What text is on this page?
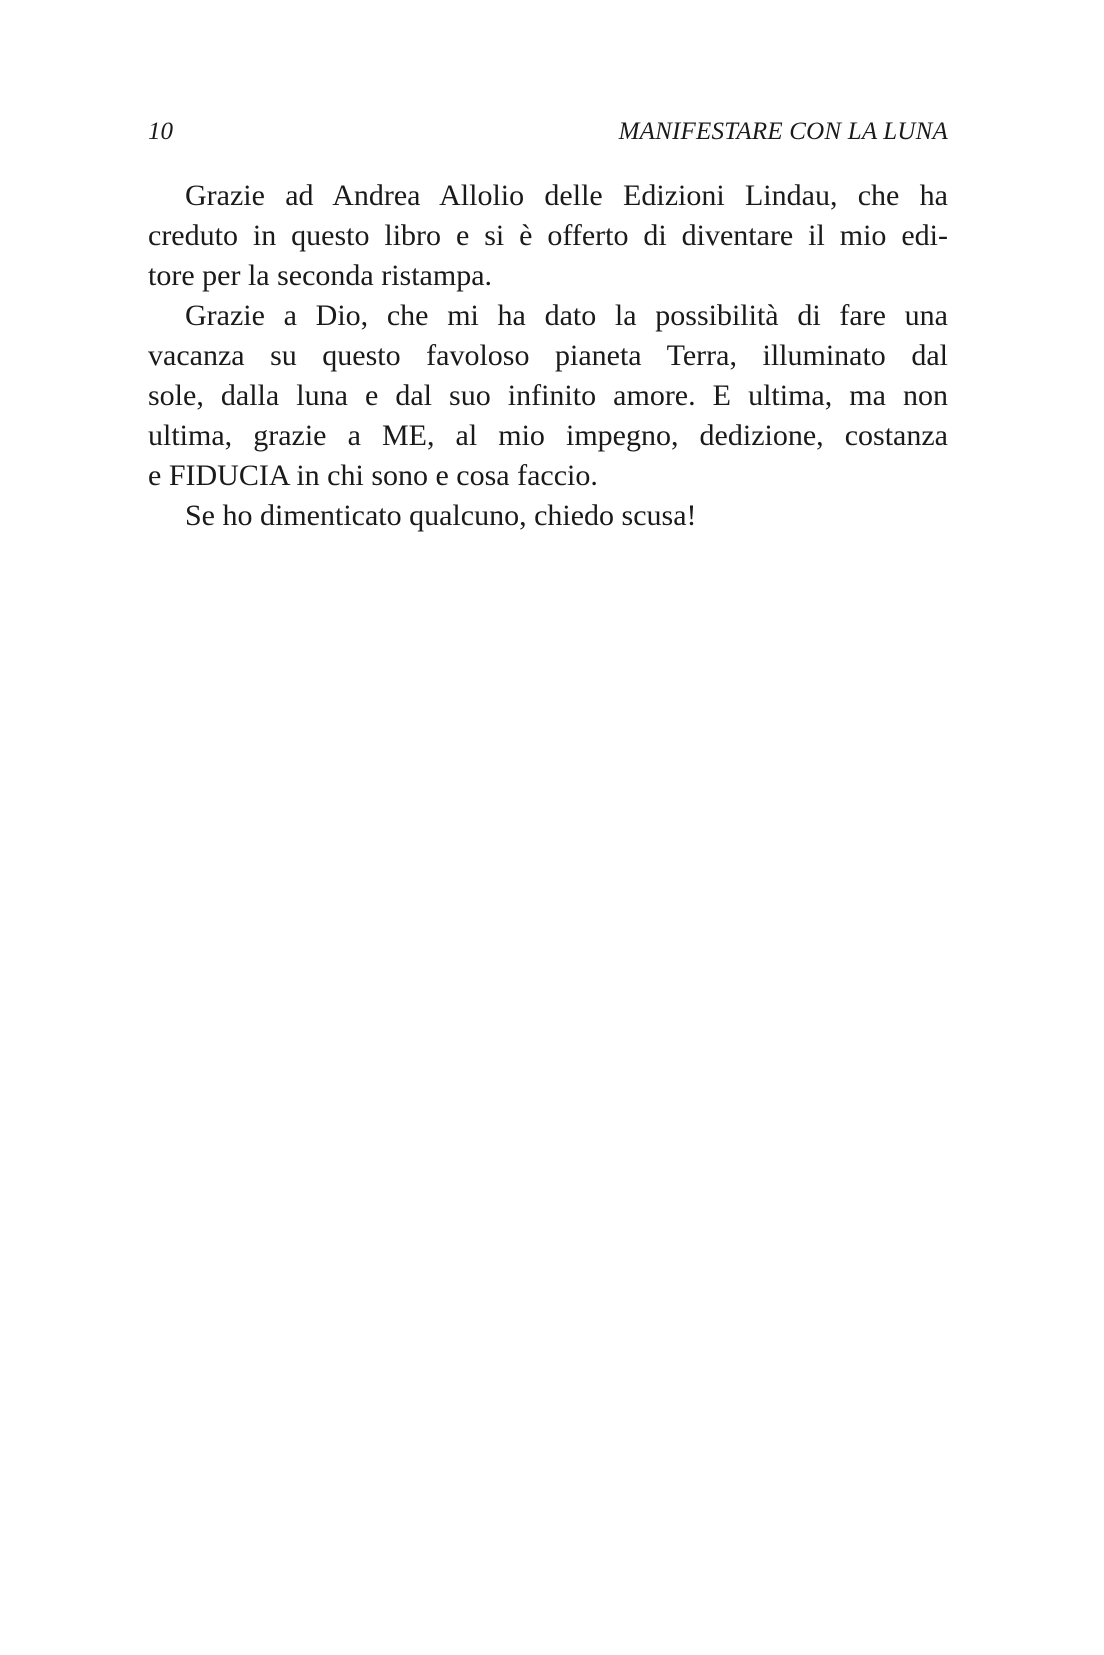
10	MANIFESTARE CON LA LUNA
Grazie ad Andrea Allolio delle Edizioni Lindau, che ha
creduto in questo libro e si è offerto di diventare il mio edi-
tore per la seconda ristampa.
Grazie a Dio, che mi ha dato la possibilità di fare una
vacanza su questo favoloso pianeta Terra, illuminato dal
sole, dalla luna e dal suo infinito amore. E ultima, ma non
ultima, grazie a ME, al mio impegno, dedizione, costanza
e FIDUCIA in chi sono e cosa faccio.
Se ho dimenticato qualcuno, chiedo scusa!
